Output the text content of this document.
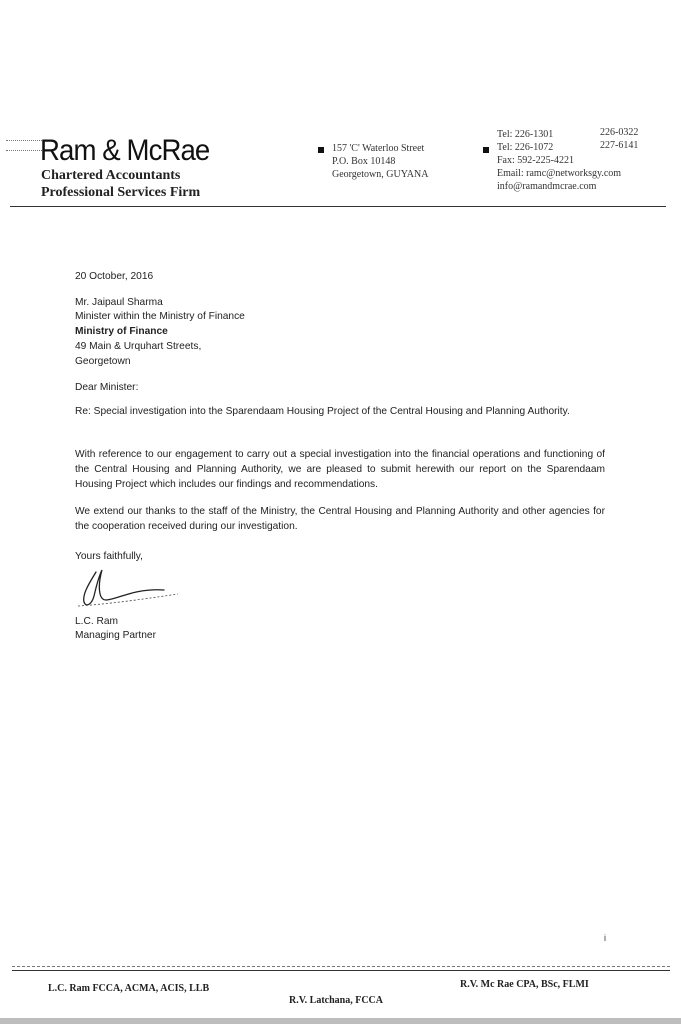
Ram & McRae
Chartered Accountants
Professional Services Firm
157 'C' Waterloo Street
P.O. Box 10148
Georgetown, GUYANA
Tel: 226-1301	226-0322
Tel: 226-1072	227-6141
Fax: 592-225-4221
Email: ramc@networksgy.com
info@ramandmcrae.com
20 October, 2016
Mr. Jaipaul Sharma
Minister within the Ministry of Finance
Ministry of Finance
49 Main & Urquhart Streets,
Georgetown
Dear Minister:
Re: Special investigation into the Sparendaam Housing Project of the Central Housing and Planning Authority.
With reference to our engagement to carry out a special investigation into the financial operations and functioning of the Central Housing and Planning Authority, we are pleased to submit herewith our report on the Sparendaam Housing Project which includes our findings and recommendations.
We extend our thanks to the staff of the Ministry, the Central Housing and Planning Authority and other agencies for the cooperation received during our investigation.
Yours faithfully,
L.C. Ram
Managing Partner
i
L.C. Ram FCCA, ACMA, ACIS, LLB	R.V. Mc Rae CPA, BSc, FLMI
R.V. Latchana, FCCA
